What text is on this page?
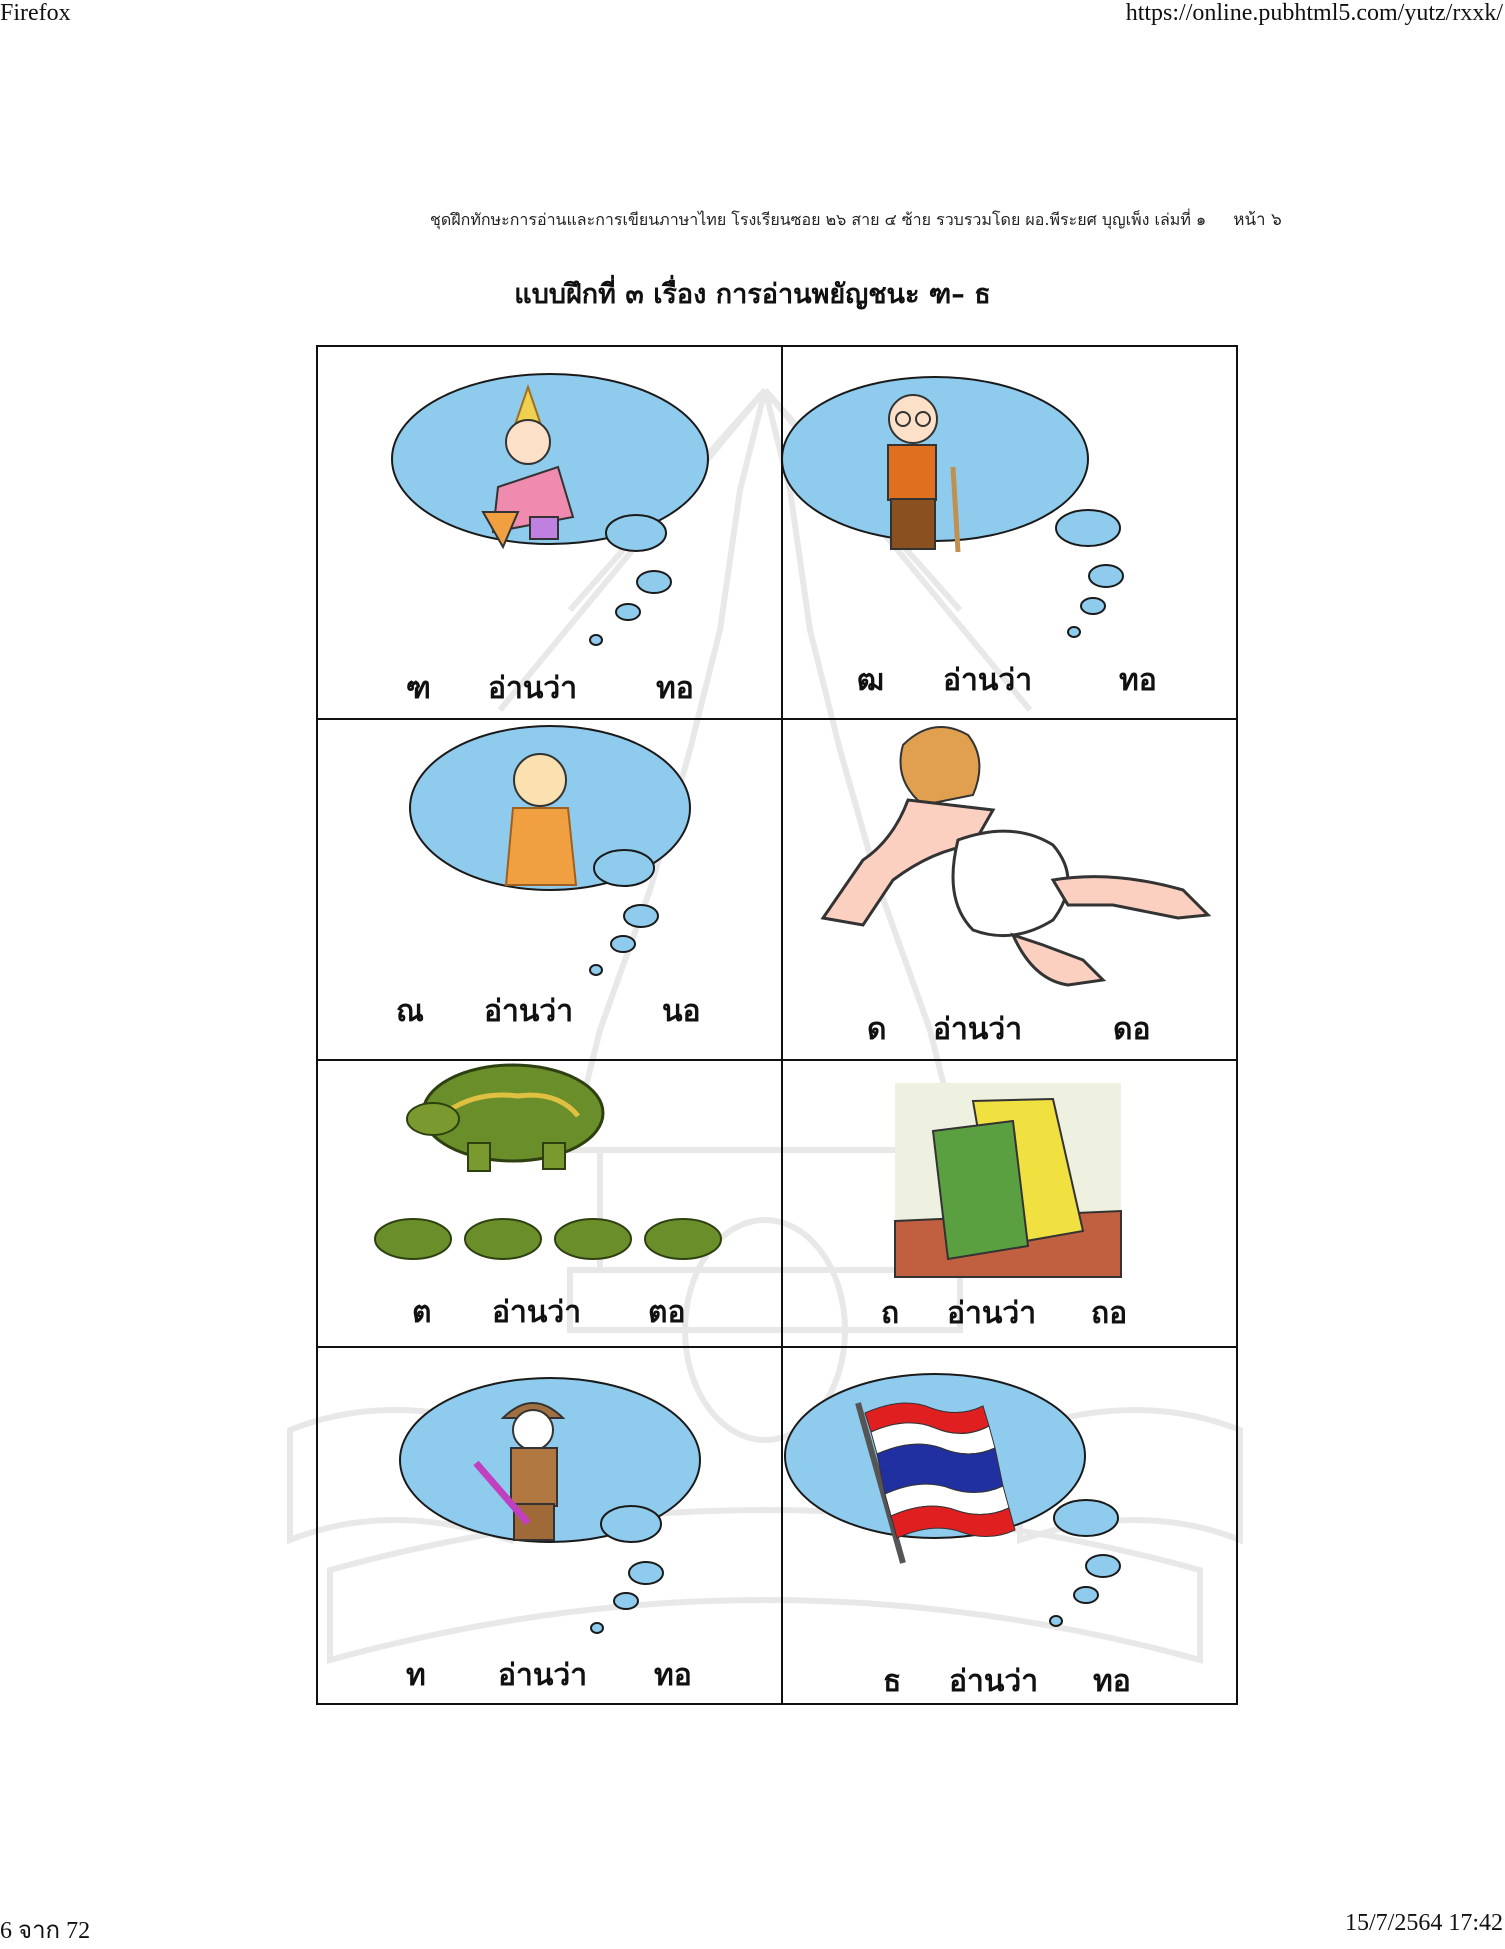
Firefox	https://online.pubhtml5.com/yutz/rxxk/
6 จาก 72	15/7/2564 17:42
ชุดฝึกทักษะการอ่านและการเขียนภาษาไทย โรงเรียนซอย ๒๖ สาย ๔ ซ้าย รวบรวมโดย ผอ.พีระยศ บุญเพ็ง เล่มที่ ๑ หน้า ๖
แบบฝึกที่ ๓ เรื่อง การอ่านพยัญชนะ ฑ– ธ
ฑ อ่านว่า	ทอ	ฒ อ่านว่า	ทอ
ณ อ่านว่า	นอ
ด อ่านว่า	ดอ
ต อ่านว่า ตอ	ถ อ่านว่า ถอ
ท อ่านว่า ทอ	ธ อ่านว่า ทอ
